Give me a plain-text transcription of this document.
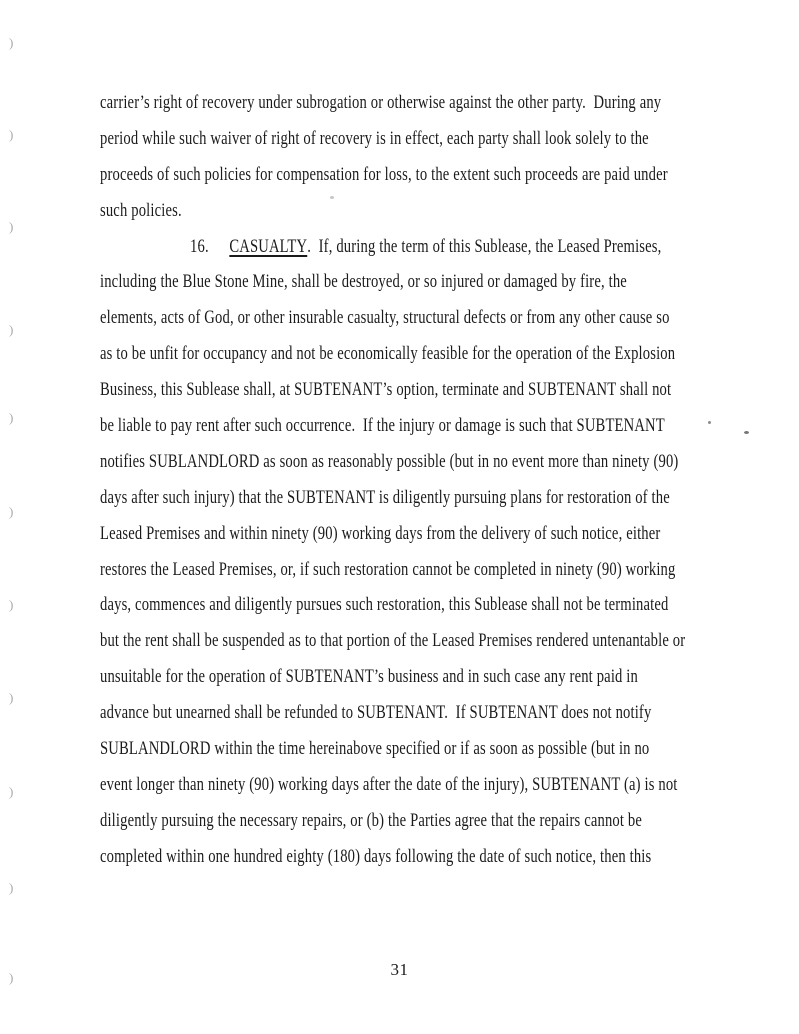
carrier’s right of recovery under subrogation or otherwise against the other party.  During any
period while such waiver of right of recovery is in effect, each party shall look solely to the
proceeds of such policies for compensation for loss, to the extent such proceeds are paid under
such policies.
16. CASUALTY.  If, during the term of this Sublease, the Leased Premises,
including the Blue Stone Mine, shall be destroyed, or so injured or damaged by fire, the
elements, acts of God, or other insurable casualty, structural defects or from any other cause so
as to be unfit for occupancy and not be economically feasible for the operation of the Explosion
Business, this Sublease shall, at SUBTENANT’s option, terminate and SUBTENANT shall not
be liable to pay rent after such occurrence.  If the injury or damage is such that SUBTENANT
notifies SUBLANDLORD as soon as reasonably possible (but in no event more than ninety (90)
days after such injury) that the SUBTENANT is diligently pursuing plans for restoration of the
Leased Premises and within ninety (90) working days from the delivery of such notice, either
restores the Leased Premises, or, if such restoration cannot be completed in ninety (90) working
days, commences and diligently pursues such restoration, this Sublease shall not be terminated
but the rent shall be suspended as to that portion of the Leased Premises rendered untenantable or
unsuitable for the operation of SUBTENANT’s business and in such case any rent paid in
advance but unearned shall be refunded to SUBTENANT.  If SUBTENANT does not notify
SUBLANDLORD within the time hereinabove specified or if as soon as possible (but in no
event longer than ninety (90) working days after the date of the injury), SUBTENANT (a) is not
diligently pursuing the necessary repairs, or (b) the Parties agree that the repairs cannot be
completed within one hundred eighty (180) days following the date of such notice, then this
31
)
)
)
)
)
)
)
)
)
)
)
